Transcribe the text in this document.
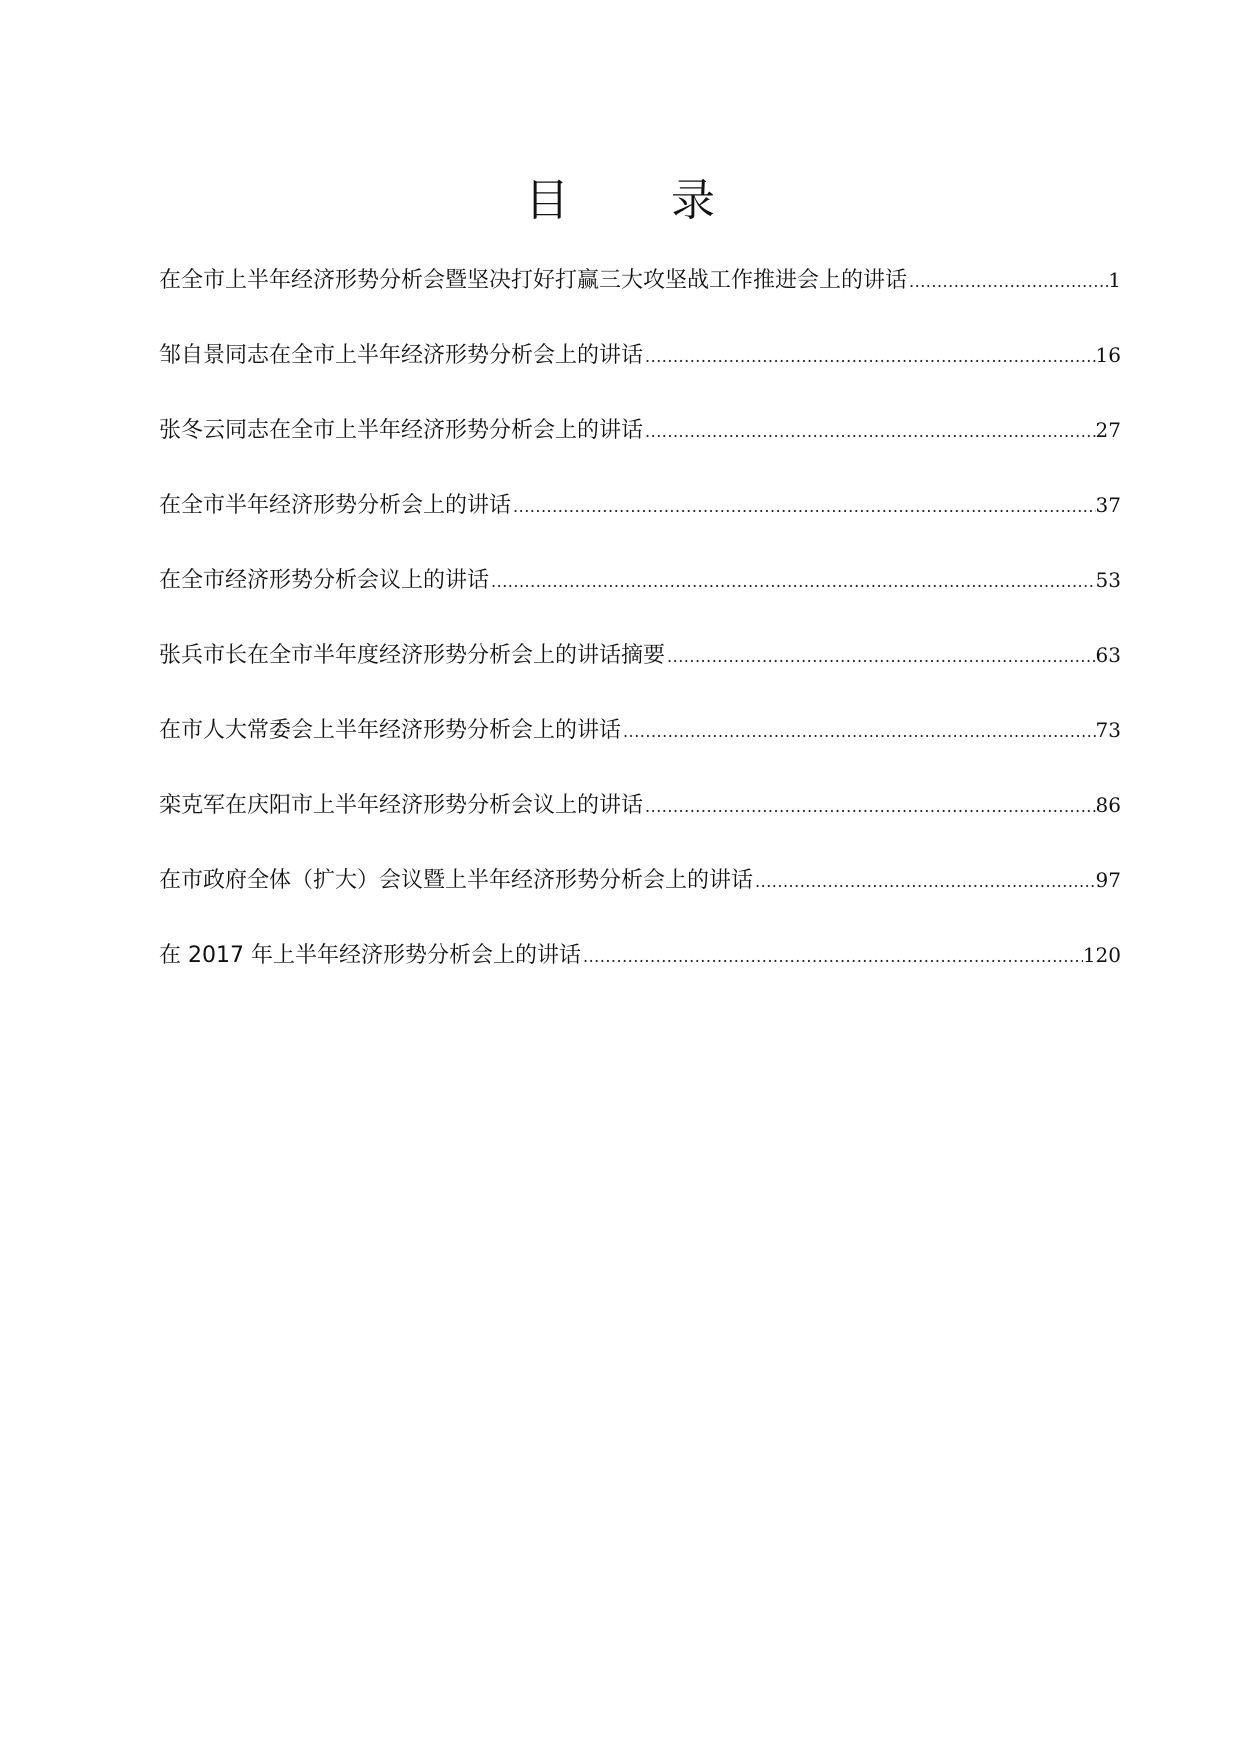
目 录
在全市上半年经济形势分析会暨坚决打好打赢三大攻坚战工作推进会上的讲话 .....	1
邹自景同志在全市上半年经济形势分析会上的讲话 .....	16
张冬云同志在全市上半年经济形势分析会上的讲话 .....	27
在全市半年经济形势分析会上的讲话 .....	37
在全市经济形势分析会议上的讲话 .....	53
张兵市长在全市半年度经济形势分析会上的讲话摘要 .....	63
在市人大常委会上半年经济形势分析会上的讲话 .....	73
栾克军在庆阳市上半年经济形势分析会议上的讲话 .....	86
在市政府全体（扩大）会议暨上半年经济形势分析会上的讲话 .....	97
在 2017 年上半年经济形势分析会上的讲话 .....	120
